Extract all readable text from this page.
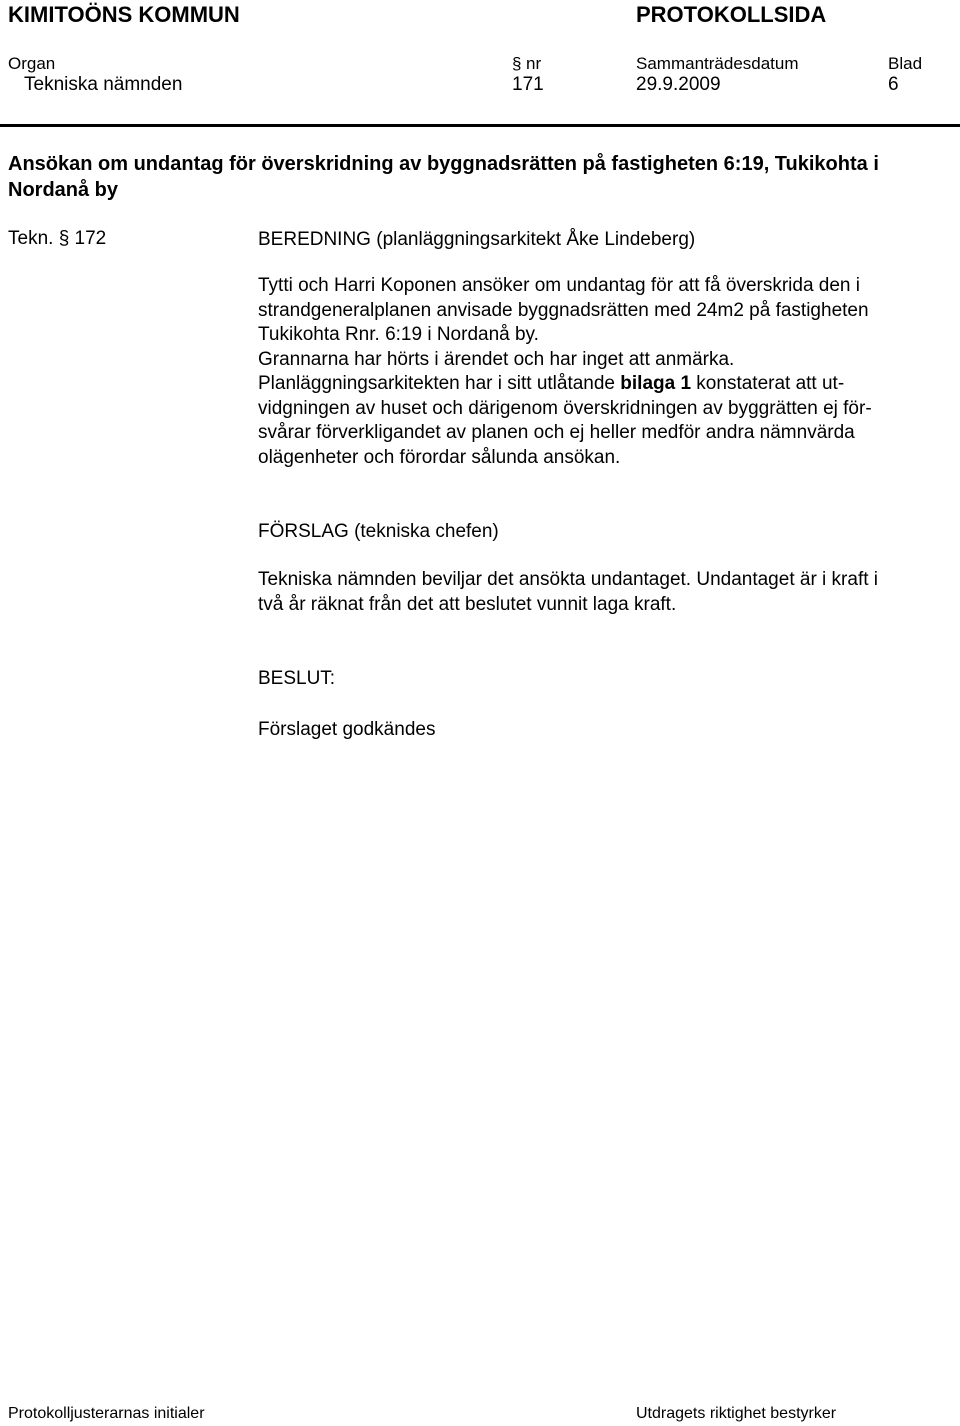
KIMITOÖNS KOMMUN	PROTOKOLLSIDA
Organ	§ nr	Sammanträdesdatum	Blad
Tekniska nämnden	171	29.9.2009	6
Ansökan om undantag för överskridning av byggnadsrätten på fastigheten 6:19, Tukikohta i Nordanå by
Tekn. § 172	BEREDNING (planläggningsarkitekt Åke Lindeberg)

Tytti och Harri Koponen ansöker om undantag för att få överskrida den i

strandgeneralplanen anvisade byggnadsrätten med 24m2 på fastigheten

Tukikohta Rnr. 6:19 i Nordanå by.

Grannarna har hörts i ärendet och har inget att anmärka.

Planläggningsarkitekten har i sitt utlåtande bilaga 1 konstaterat att ut-

vidgningen av huset och därigenom överskridningen av byggrätten ej för-

svårar förverkligandet av planen och ej heller medför andra nämnvärda

olägenheter och förordar sålunda ansökan.

FÖRSLAG (tekniska chefen)

Tekniska nämnden beviljar det ansökta undantaget. Undantaget är i kraft i

två år räknat från det att beslutet vunnit laga kraft.

BESLUT:
Förslaget godkändes
Protokolljusterarnas initialer	Utdragets riktighet bestyrker
